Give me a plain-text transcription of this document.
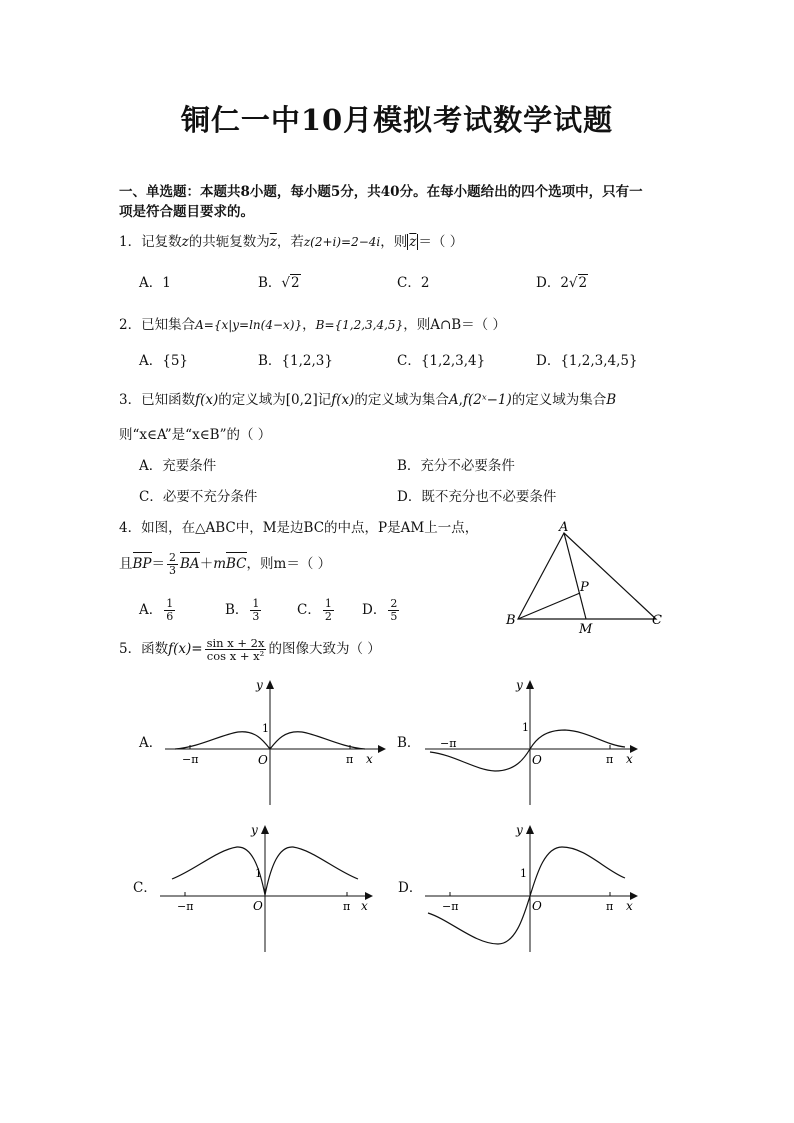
铜仁一中10月模拟考试数学试题
一、单选题：本题共8小题，每小题5分，共40分。在每小题给出的四个选项中，只有一
项是符合题目要求的。
1．记复数z的共轭复数为$\overline{z}$，若z(2+i)=2−4i，则 $\overline{z}$ ＝（ ）
A．1	B．√2	C．2	D．2√2
2．已知集合A={x|y=ln(4−x)}，B={1,2,3,4,5}，则A∩B＝（ ）
A．{5}	B．{1,2,3}	C．{1,2,3,4}	D．{1,2,3,4,5}
3．已知函数f(x)的定义域为[0,2]记f(x)的定义域为集合A,f(2ˣ−1)的定义域为集合B
则“x∈A”是“x∈B”的（ ）
A．充要条件	B．充分不必要条件
C．必要不充分条件	D．既不充分也不必要条件
4．如图，在△ABC中，M是边BC的中点，P是AM上一点，
且$BP= \frac{2}{3} BA+mBC$，则m＝（ ）
A． $\frac{1}{6}$	B． $\frac{1}{3}$	C． $\frac{1}{2}$ D． $\frac{2}{5}$
A
B	C
M
P
5．函数$f(x)= \frac{\text{sin x + 2x}}{\text{cos x + x²}}$ 的图像大致为（ ）
A．	B．
C．	D．
y
x
O
1
−π	π
y
x
O
1
−π
π
y
x
O
1
−π	π
y
x
O
1
−π	π
